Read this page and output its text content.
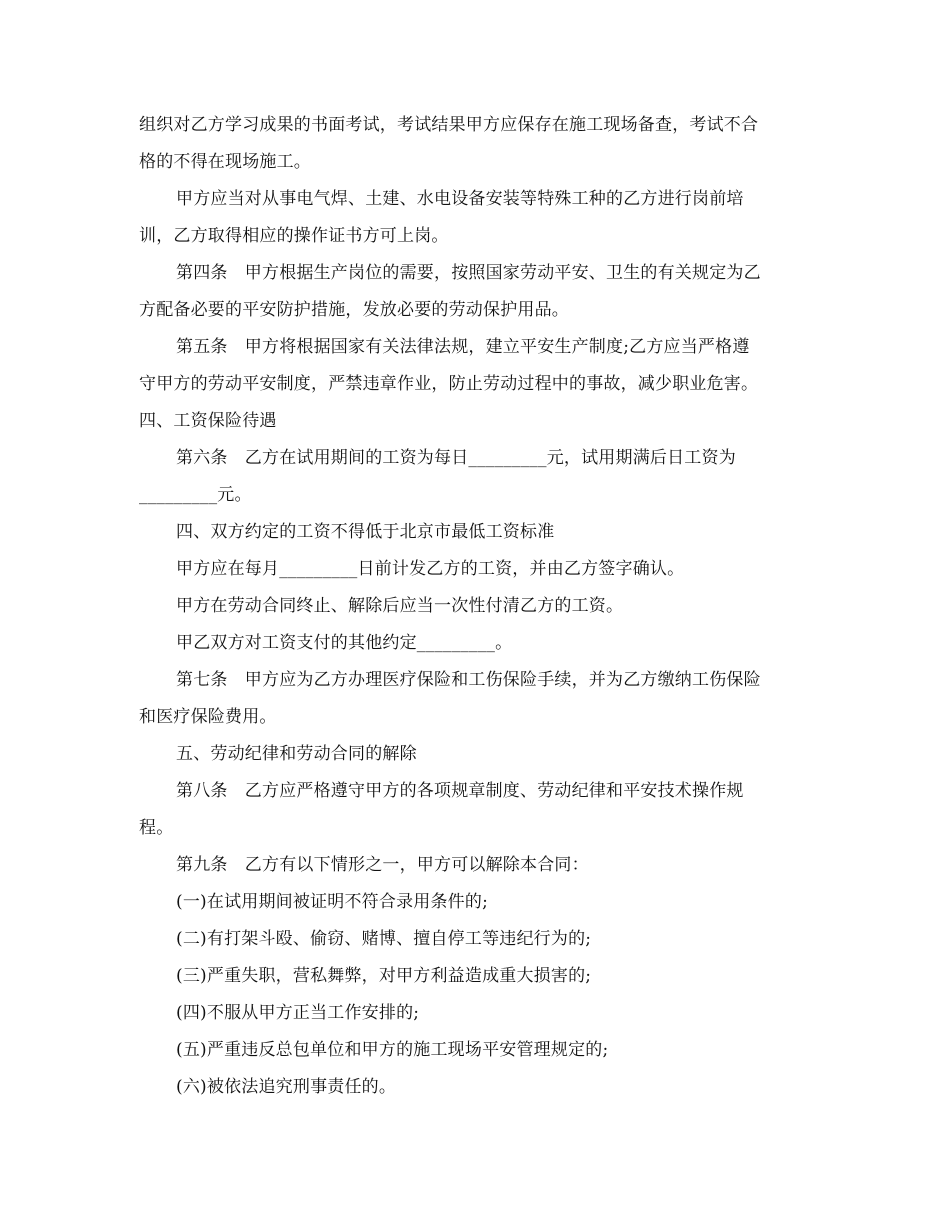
组织对乙方学习成果的书面考试，考试结果甲方应保存在施工现场备查，考试不合
格的不得在现场施工。
甲方应当对从事电气焊、土建、水电设备安装等特殊工种的乙方进行岗前培
训，乙方取得相应的操作证书方可上岗。
第四条　甲方根据生产岗位的需要，按照国家劳动平安、卫生的有关规定为乙
方配备必要的平安防护措施，发放必要的劳动保护用品。
第五条　甲方将根据国家有关法律法规，建立平安生产制度;乙方应当严格遵
守甲方的劳动平安制度，严禁违章作业，防止劳动过程中的事故，减少职业危害。
四、工资保险待遇
第六条　乙方在试用期间的工资为每日_________元，试用期满后日工资为
_________元。
四、双方约定的工资不得低于北京市最低工资标准
甲方应在每月_________日前计发乙方的工资，并由乙方签字确认。
甲方在劳动合同终止、解除后应当一次性付清乙方的工资。
甲乙双方对工资支付的其他约定_________。
第七条　甲方应为乙方办理医疗保险和工伤保险手续，并为乙方缴纳工伤保险
和医疗保险费用。
五、劳动纪律和劳动合同的解除
第八条　乙方应严格遵守甲方的各项规章制度、劳动纪律和平安技术操作规
程。
第九条　乙方有以下情形之一，甲方可以解除本合同：
(一)在试用期间被证明不符合录用条件的;
(二)有打架斗殴、偷窃、赌博、擅自停工等违纪行为的;
(三)严重失职，营私舞弊，对甲方利益造成重大损害的;
(四)不服从甲方正当工作安排的;
(五)严重违反总包单位和甲方的施工现场平安管理规定的;
(六)被依法追究刑事责任的。
